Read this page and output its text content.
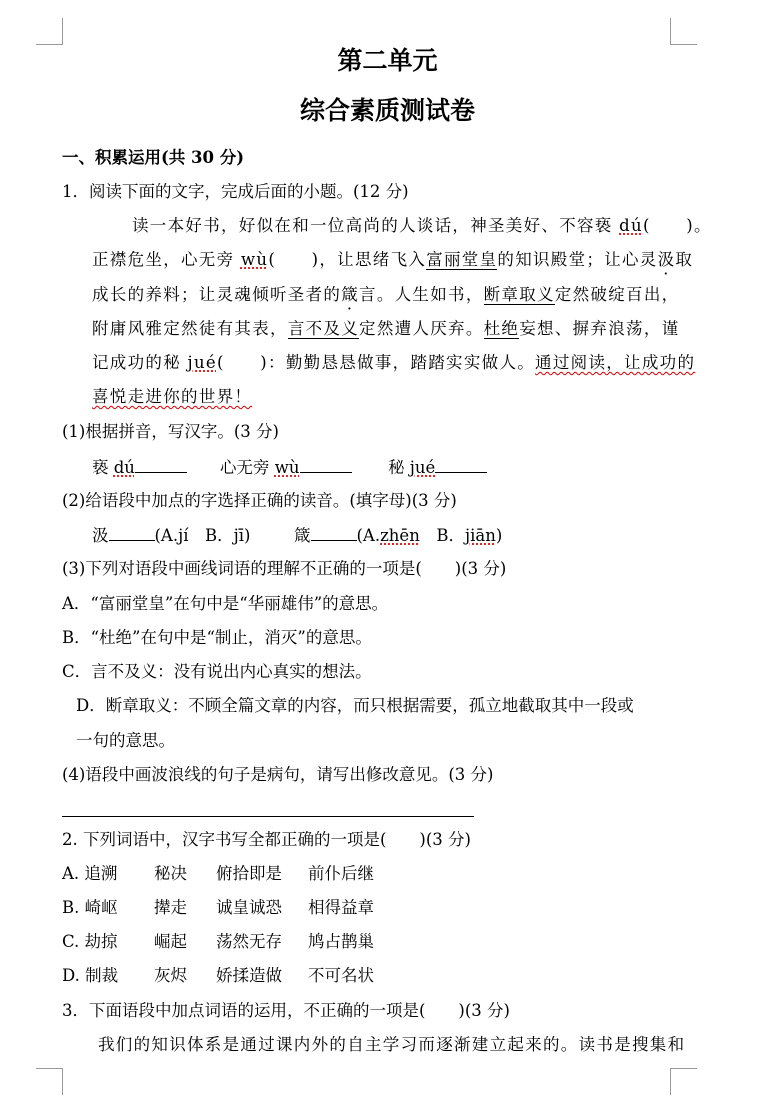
第二单元
综合素质测试卷
一、积累运用(共 30 分)
1．阅读下面的文字，完成后面的小题。(12 分)
读一本好书，好似在和一位高尚的人谈话，神圣美好、不容亵 dú(　　)。
正襟危坐，心无旁 wù(　　)，让思绪飞入富丽堂皇的知识殿堂；让心灵汲取
成长的养料；让灵魂倾听圣者的箴言。人生如书，断章取义定然破绽百出，
附庸风雅定然徒有其表，言不及义定然遭人厌弃。杜绝妄想、摒弃浪荡，谨
记成功的秘 jué(　　)：勤勤恳恳做事，踏踏实实做人。通过阅读，让成功的
喜悦走进你的世界！
(1)根据拼音，写汉字。(3 分)
亵 dú	心无旁 wù	秘 jué
(2)给语段中加点的字选择正确的读音。(填字母)(3 分)
汲	(A.jí　B．jī)	箴	(A.zhēn　B．jiān)
(3)下列对语段中画线词语的理解不正确的一项是(　　)(3 分)
A．“富丽堂皇”在句中是“华丽雄伟”的意思。
B．“杜绝”在句中是“制止，消灭”的意思。
C．言不及义：没有说出内心真实的想法。
D．断章取义：不顾全篇文章的内容，而只根据需要，孤立地截取其中一段或
一句的意思。
(4)语段中画波浪线的句子是病句，请写出修改意见。(3 分)
2. 下列词语中，汉字书写全都正确的一项是(　　)(3 分)
A. 追溯 秘决 俯拾即是 前仆后继
B. 崎岖 撵走 诚皇诚恐 相得益章
C. 劫掠 崛起 荡然无存 鸠占鹊巢
D. 制裁 灰烬 娇揉造做 不可名状
3．下面语段中加点词语的运用，不正确的一项是(　　)(3 分)
我们的知识体系是通过课内外的自主学习而逐渐建立起来的。读书是搜集和
